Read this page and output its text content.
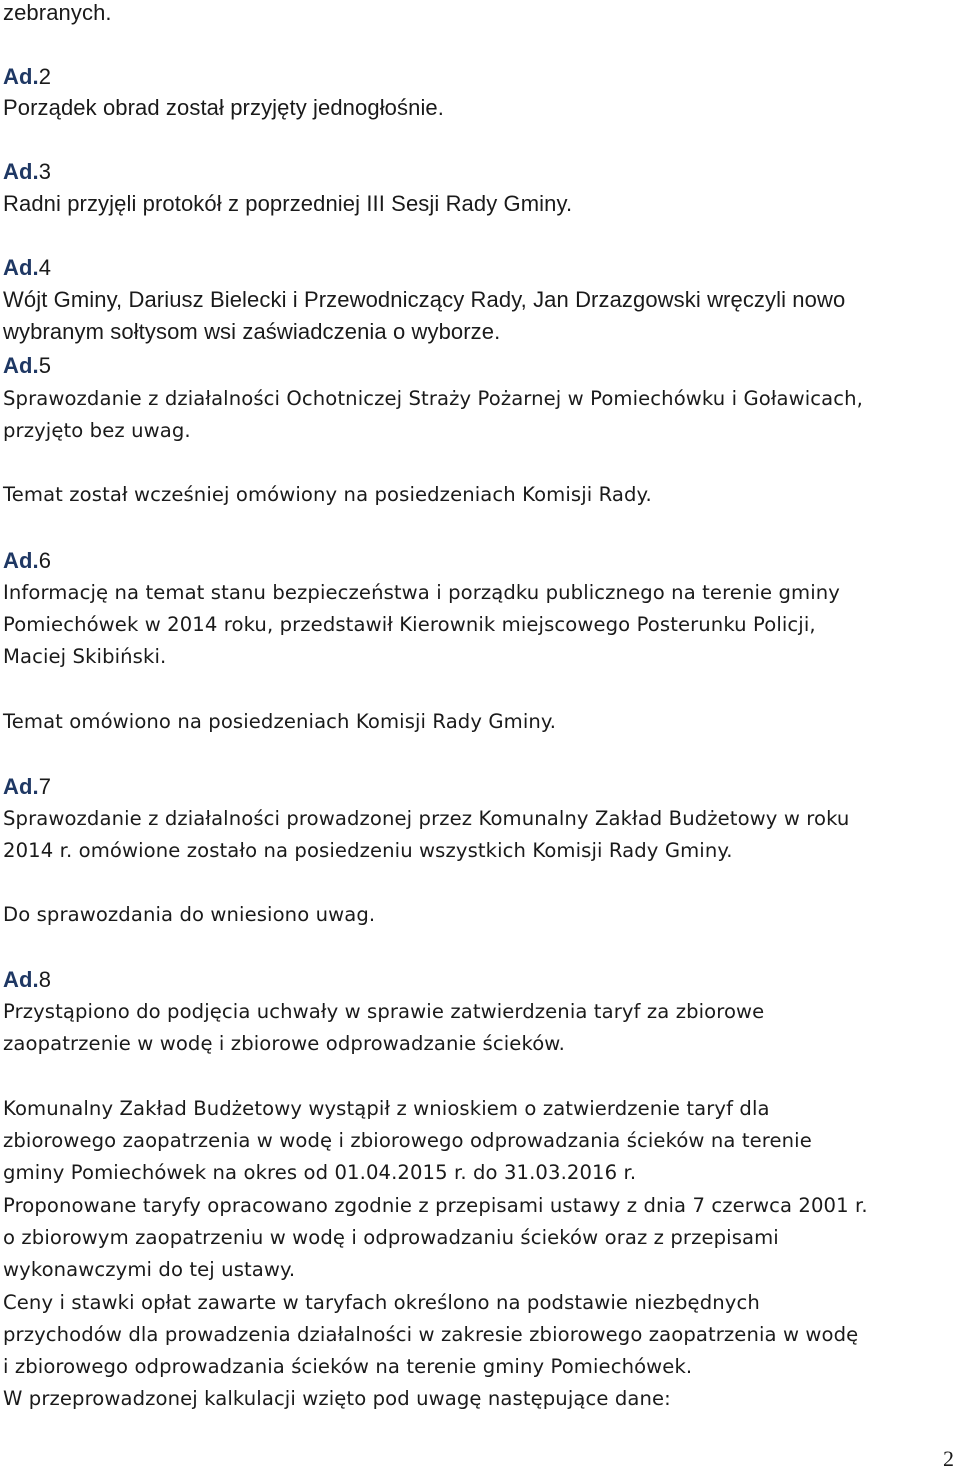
zebranych.
Ad.2
Porządek obrad został przyjęty jednogłośnie.
Ad.3
Radni przyjęli protokół z poprzedniej III Sesji Rady Gminy.
Ad.4
Wójt Gminy, Dariusz Bielecki i Przewodniczący Rady, Jan Drzazgowski wręczyli nowo
wybranym sołtysom wsi zaświadczenia o wyborze.
Ad.5
Sprawozdanie z działalności Ochotniczej Straży Pożarnej w Pomiechówku i Goławicach,
przyjęto bez uwag.
Temat został wcześniej omówiony na posiedzeniach Komisji Rady.
Ad.6
Informację na temat stanu bezpieczeństwa i porządku publicznego na terenie gminy
Pomiechówek w 2014 roku, przedstawił Kierownik miejscowego Posterunku Policji,
Maciej Skibiński.
Temat omówiono na posiedzeniach Komisji Rady Gminy.
Ad.7
Sprawozdanie z działalności prowadzonej przez Komunalny Zakład Budżetowy w roku
2014 r. omówione zostało na posiedzeniu wszystkich Komisji Rady Gminy.
Do sprawozdania do wniesiono uwag.
Ad.8
Przystąpiono do podjęcia uchwały w sprawie zatwierdzenia taryf za zbiorowe
zaopatrzenie w wodę i zbiorowe odprowadzanie ścieków.
Komunalny Zakład Budżetowy wystąpił z wnioskiem o zatwierdzenie taryf dla
zbiorowego zaopatrzenia w wodę i zbiorowego odprowadzania ścieków na terenie
gminy Pomiechówek na okres od 01.04.2015 r. do 31.03.2016 r.
Proponowane taryfy opracowano zgodnie z przepisami ustawy z dnia 7 czerwca 2001 r.
o zbiorowym zaopatrzeniu w wodę i odprowadzaniu ścieków oraz z przepisami
wykonawczymi do tej ustawy.
Ceny i stawki opłat zawarte w taryfach określono na podstawie niezbędnych
przychodów dla prowadzenia działalności w zakresie zbiorowego zaopatrzenia w wodę
i zbiorowego odprowadzania ścieków na terenie gminy Pomiechówek.
W przeprowadzonej kalkulacji wzięto pod uwagę następujące dane:
2
